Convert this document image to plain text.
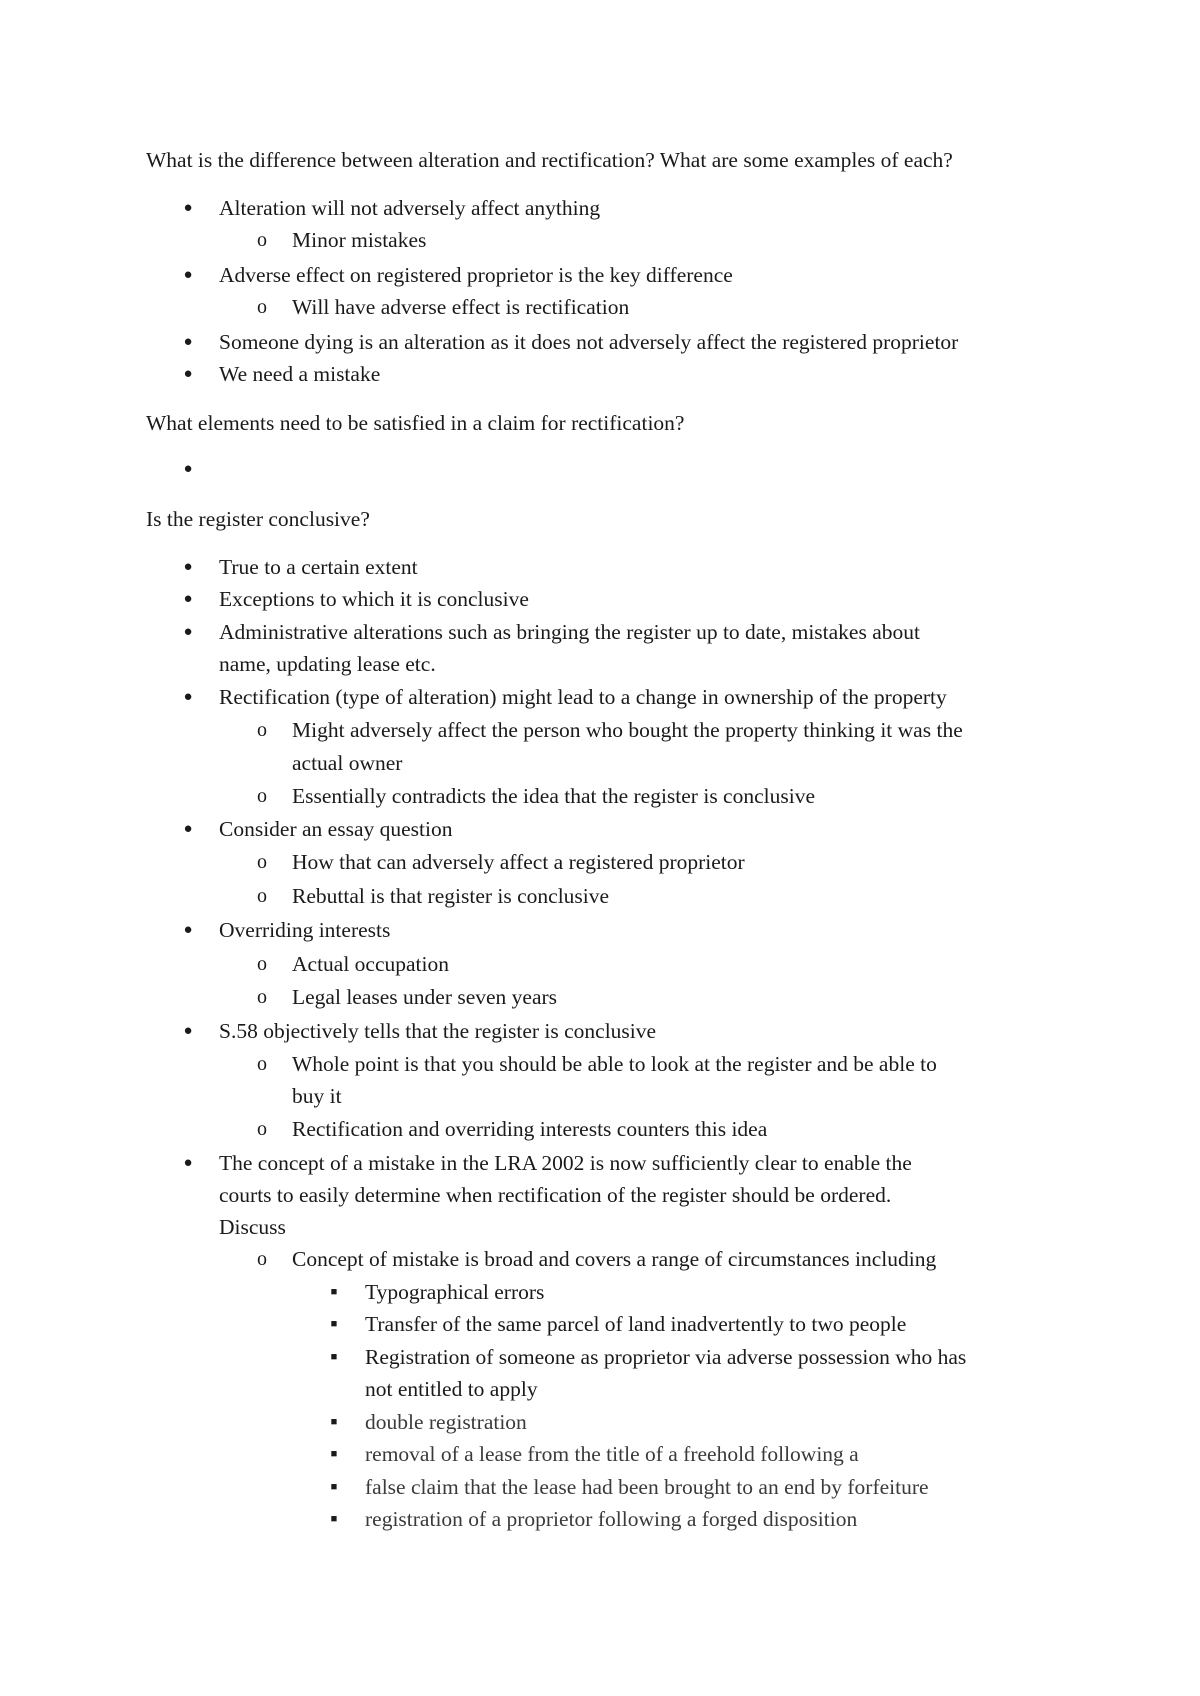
What is the difference between alteration and rectification? What are some examples of each?
●	Alteration will not adversely affect anything
o	Minor mistakes
●	Adverse effect on registered proprietor is the key difference
o	Will have adverse effect is rectification
●	Someone dying is an alteration as it does not adversely affect the registered proprietor
●	We need a mistake
What elements need to be satisfied in a claim for rectification?
●
Is the register conclusive?
●	True to a certain extent
●	Exceptions to which it is conclusive
●	Administrative alterations such as bringing the register up to date, mistakes about
name, updating lease etc.
●	Rectification (type of alteration) might lead to a change in ownership of the property
o	Might adversely affect the person who bought the property thinking it was the
actual owner
o	Essentially contradicts the idea that the register is conclusive
●	Consider an essay question
o	How that can adversely affect a registered proprietor
o	Rebuttal is that register is conclusive
●	Overriding interests
o	Actual occupation
o	Legal leases under seven years
●	S.58 objectively tells that the register is conclusive
o	Whole point is that you should be able to look at the register and be able to
buy it
o	Rectification and overriding interests counters this idea
●	The concept of a mistake in the LRA 2002 is now sufficiently clear to enable the
courts to easily determine when rectification of the register should be ordered.
Discuss
o	Concept of mistake is broad and covers a range of circumstances including
■	Typographical errors
■	Transfer of the same parcel of land inadvertently to two people
■	Registration of someone as proprietor via adverse possession who has
not entitled to apply
■	double registration
■	removal of a lease from the title of a freehold following a
■	false claim that the lease had been brought to an end by forfeiture
■	registration of a proprietor following a forged disposition
